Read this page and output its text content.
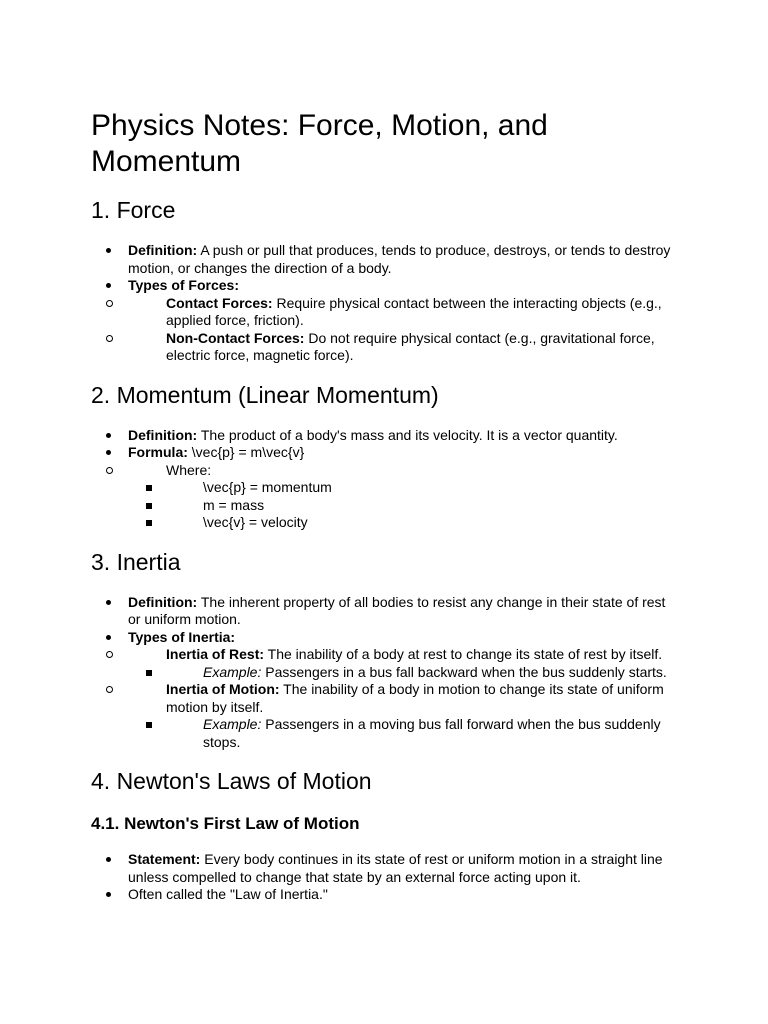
Physics Notes: Force, Motion, and Momentum
1. Force
Definition: A push or pull that produces, tends to produce, destroys, or tends to destroy motion, or changes the direction of a body.
Types of Forces:
Contact Forces: Require physical contact between the interacting objects (e.g., applied force, friction).
Non-Contact Forces: Do not require physical contact (e.g., gravitational force, electric force, magnetic force).
2. Momentum (Linear Momentum)
Definition: The product of a body's mass and its velocity. It is a vector quantity.
Formula: \vec{p} = m\vec{v}
Where:
\vec{p} = momentum
m = mass
\vec{v} = velocity
3. Inertia
Definition: The inherent property of all bodies to resist any change in their state of rest or uniform motion.
Types of Inertia:
Inertia of Rest: The inability of a body at rest to change its state of rest by itself.
Example: Passengers in a bus fall backward when the bus suddenly starts.
Inertia of Motion: The inability of a body in motion to change its state of uniform motion by itself.
Example: Passengers in a moving bus fall forward when the bus suddenly stops.
4. Newton's Laws of Motion
4.1. Newton's First Law of Motion
Statement: Every body continues in its state of rest or uniform motion in a straight line unless compelled to change that state by an external force acting upon it.
Often called the "Law of Inertia."
